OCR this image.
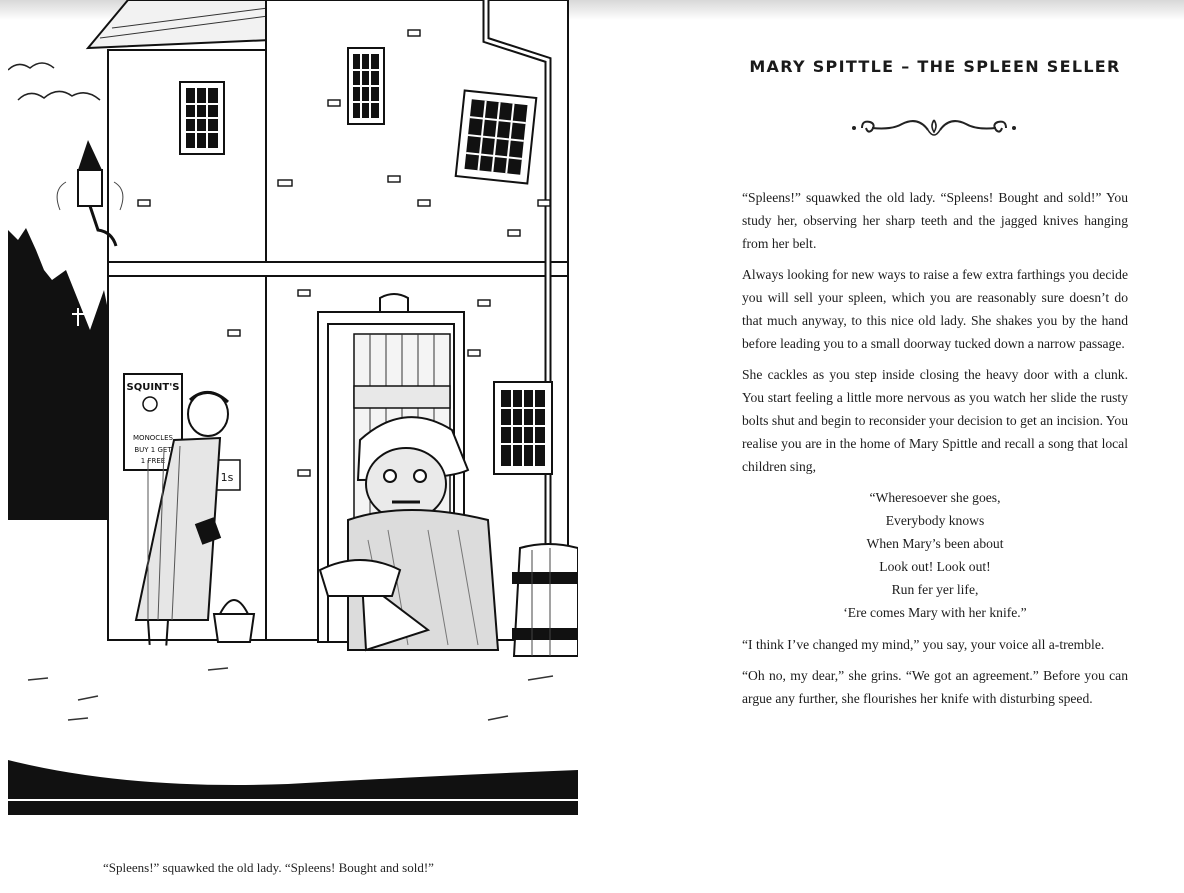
SQUINT'S
MONOCLES
BUY 1 GET
1 FREE
1s
“Spleens!” squawked the old lady. “Spleens! Bought and sold!”
MARY SPITTLE – THE SPLEEN SELLER

“Spleens!” squawked the old lady. “Spleens! Bought and sold!” You study her, observing her sharp teeth and the jagged knives hanging from her belt.

Always looking for new ways to raise a few extra farthings you decide you will sell your spleen, which you are reasonably sure doesn’t do that much anyway, to this nice old lady. She shakes you by the hand before leading you to a small doorway tucked down a narrow passage.

She cackles as you step inside closing the heavy door with a clunk. You start feeling a little more nervous as you watch her slide the rusty bolts shut and begin to reconsider your decision to get an incision. You realise you are in the home of Mary Spittle and recall a song that local children sing,

“Wheresoever she goes,
Everybody knows
When Mary’s been about
Look out! Look out!
Run fer yer life,
‘Ere comes Mary with her knife.”

“I think I’ve changed my mind,” you say, your voice all a-tremble.

“Oh no, my dear,” she grins. “We got an agreement.” Before you can argue any further, she flourishes her knife with disturbing speed.
